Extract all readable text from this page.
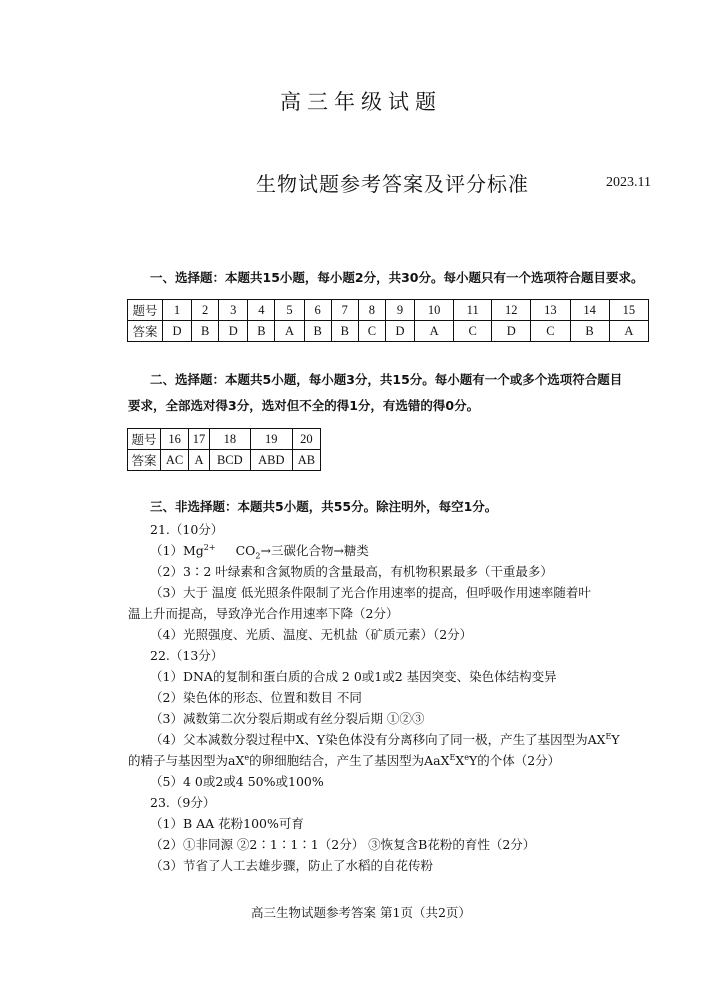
高三年级试题
生物试题参考答案及评分标准	2023.11
一、选择题：本题共15小题，每小题2分，共30分。每小题只有一个选项符合题目要求。
题号	1	2	3	4	5	6	7	8	9	10	11	12	13	14	15
答案	D	B	D	B	A	B	B	C	D	A	C	D	C	B	A
二、选择题：本题共5小题，每小题3分，共15分。每小题有一个或多个选项符合题目
要求，全部选对得3分，选对但不全的得1分，有选错的得0分。
题号	16	17	18	19	20
答案	AC	A	BCD	ABD	AB
三、非选择题：本题共5小题，共55分。除注明外，每空1分。
21.（10分）
$(1)Mg^{2+}$ $CO_2\to$三碳化合物→糖类
（2）3∶2 叶绿素和含氮物质的含量最高，有机物积累最多（干重最多）
（3）大于 温度 低光照条件限制了光合作用速率的提高，但呼吸作用速率随着叶
温上升而提高，导致净光合作用速率下降（2分）
（4）光照强度、光质、温度、无机盐（矿质元素）（2分）
22.（13分）
（1）DNA的复制和蛋白质的合成 2 0或1或2 基因突变、染色体结构变异
（2）染色体的形态、位置和数目 不同
（3）减数第二次分裂后期或有丝分裂后期 ①②③
（4）父本减数分裂过程中X、Y染色体没有分离移向了同一极，产生了基因型为$AX^EY$
的精子与基因型为$aX^e$的卵细胞结合，产生了基因型为AaX$^E$XeY的个体（2分）
（5）4 0或2或4 50%或100%
23.（9分）
（1）B AA 花粉100%可育
（2）①非同源 ②2∶1∶1∶1（2分） ③恢复含B花粉的育性（2分）
（3）节省了人工去雄步骤，防止了水稻的自花传粉
高三生物试题参考答案 第1页（共2页）
